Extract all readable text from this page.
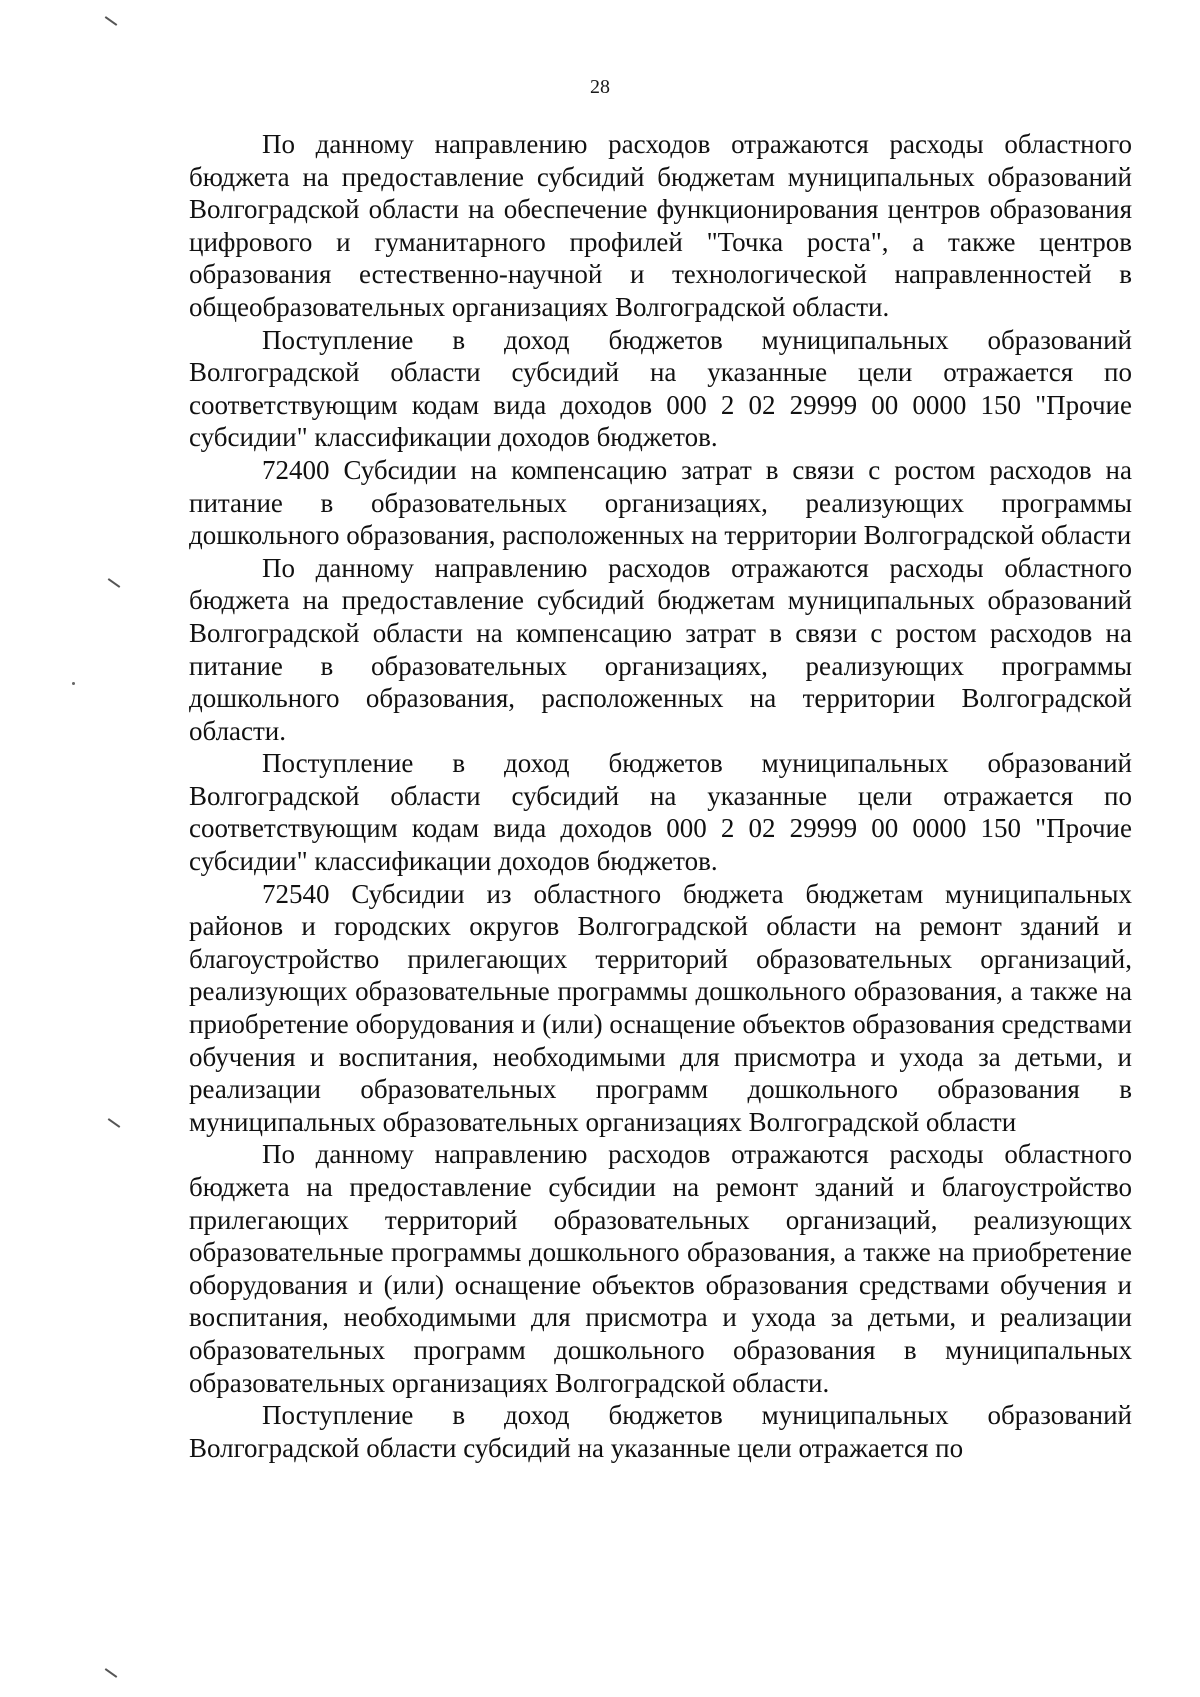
28

По данному направлению расходов отражаются расходы областного бюджета на предоставление субсидий бюджетам муниципальных образований Волгоградской области на обеспечение функционирования центров образования цифрового и гуманитарного профилей "Точка роста", а также центров образования естественно-научной и технологической направленностей в общеобразовательных организациях Волгоградской области.

Поступление в доход бюджетов муниципальных образований Волгоградской области субсидий на указанные цели отражается по соответствующим кодам вида доходов 000 2 02 29999 00 0000 150 "Прочие субсидии" классификации доходов бюджетов.

72400 Субсидии на компенсацию затрат в связи с ростом расходов на питание в образовательных организациях, реализующих программы дошкольного образования, расположенных на территории Волгоградской области

По данному направлению расходов отражаются расходы областного бюджета на предоставление субсидий бюджетам муниципальных образований Волгоградской области на компенсацию затрат в связи с ростом расходов на питание в образовательных организациях, реализующих программы дошкольного образования, расположенных на территории Волгоградской области.

Поступление в доход бюджетов муниципальных образований Волгоградской области субсидий на указанные цели отражается по соответствующим кодам вида доходов 000 2 02 29999 00 0000 150 "Прочие субсидии" классификации доходов бюджетов.

72540 Субсидии из областного бюджета бюджетам муниципальных районов и городских округов Волгоградской области на ремонт зданий и благоустройство прилегающих территорий образовательных организаций, реализующих образовательные программы дошкольного образования, а также на приобретение оборудования и (или) оснащение объектов образования средствами обучения и воспитания, необходимыми для присмотра и ухода за детьми, и реализации образовательных программ дошкольного образования в муниципальных образовательных организациях Волгоградской области

По данному направлению расходов отражаются расходы областного бюджета на предоставление субсидии на ремонт зданий и благоустройство прилегающих территорий образовательных организаций, реализующих образовательные программы дошкольного образования, а также на приобретение оборудования и (или) оснащение объектов образования средствами обучения и воспитания, необходимыми для присмотра и ухода за детьми, и реализации образовательных программ дошкольного образования в муниципальных образовательных организациях Волгоградской области.

Поступление в доход бюджетов муниципальных образований Волгоградской области субсидий на указанные цели отражается по
